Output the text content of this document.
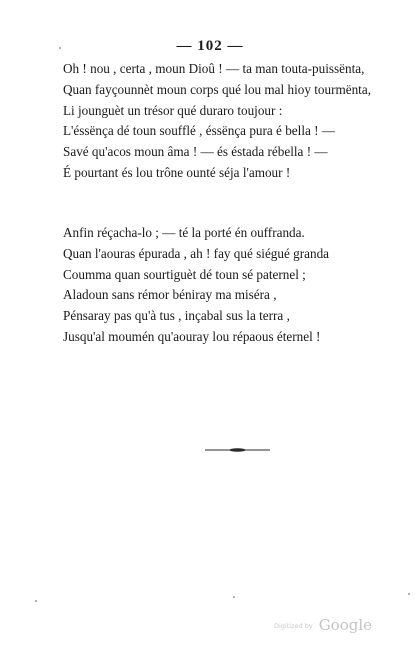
— 102 —
Oh ! nou , certa , moun Dioû ! — ta man touta-puissënta,
Quan fayçounnèt moun corps qué lou mal hioy tourmënta,
Li jounguèt un trésor qué duraro toujour :
L'éssënça dé toun soufflé , éssënça pura é bella ! —
Savé qu'acos moun âma ! — és éstada rébella ! —
É pourtant és lou trône ounté séja l'amour !
Anfin réçacha-lo ; — té la porté én ouffranda.
Quan l'aouras épurada , ah ! fay qué siégué granda
Coumma quan sourtiguèt dé toun sé paternel ;
Aladoun sans rémor béniray ma miséra ,
Pénsaray pas qu'à tus , inçabal sus la terra ,
Jusqu'al moumén qu'aouray lou répaous éternel !
Digitized by Google
